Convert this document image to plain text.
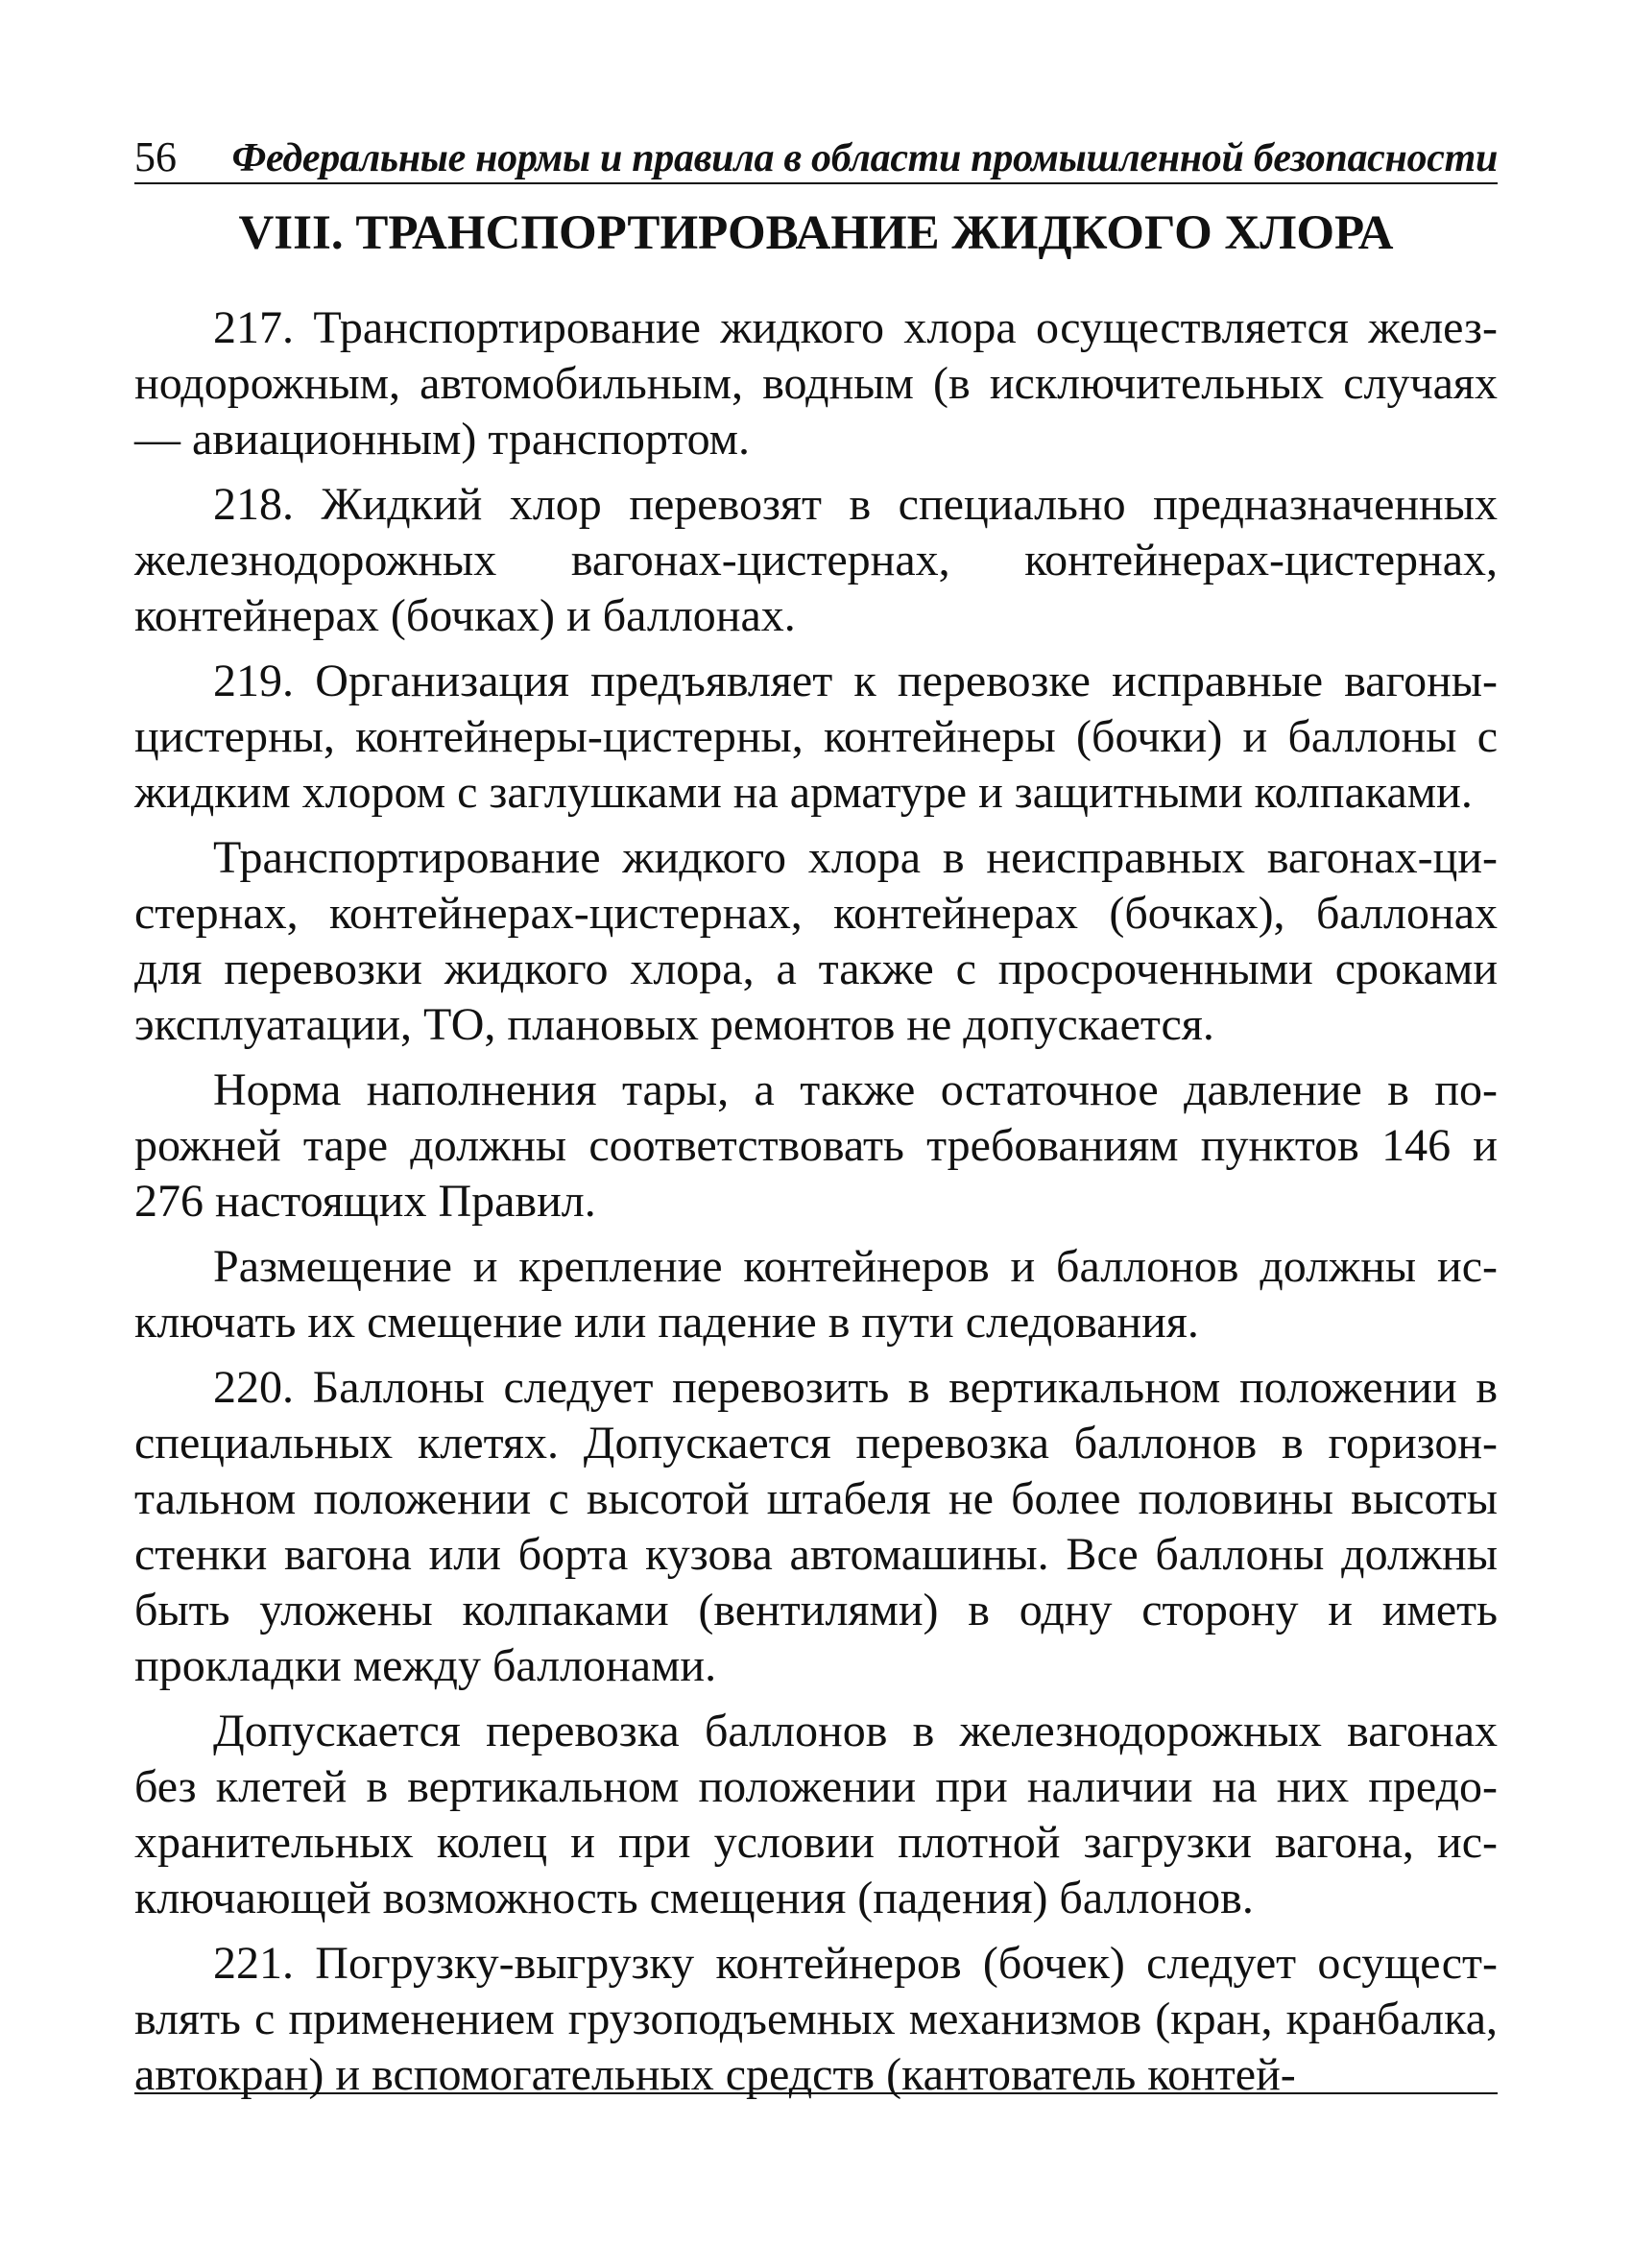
56 Федеральные нормы и правила в области промышленной безопасности
VIII. ТРАНСПОРТИРОВАНИЕ ЖИДКОГО ХЛОРА

217. Транспортирование жидкого хлора осуществляется железнодорожным, автомобильным, водным (в исключительных случаях — авиационным) транспортом.

218. Жидкий хлор перевозят в специально предназначенных железнодорожных вагонах-цистернах, контейнерах-цистернах, контейнерах (бочках) и баллонах.

219. Организация предъявляет к перевозке исправные вагоны-цистерны, контейнеры-цистерны, контейнеры (бочки) и баллоны с жидким хлором с заглушками на арматуре и защитными колпаками.

Транспортирование жидкого хлора в неисправных вагонах-цистернах, контейнерах-цистернах, контейнерах (бочках), баллонах для перевозки жидкого хлора, а также с просроченными сроками эксплуатации, ТО, плановых ремонтов не допускается.

Норма наполнения тары, а также остаточное давление в порожней таре должны соответствовать требованиям пунктов 146 и 276 настоящих Правил.

Размещение и крепление контейнеров и баллонов должны исключать их смещение или падение в пути следования.

220. Баллоны следует перевозить в вертикальном положении в специальных клетях. Допускается перевозка баллонов в горизонтальном положении с высотой штабеля не более половины высоты стенки вагона или борта кузова автомашины. Все баллоны должны быть уложены колпаками (вентилями) в одну сторону и иметь прокладки между баллонами.

Допускается перевозка баллонов в железнодорожных вагонах без клетей в вертикальном положении при наличии на них предохранительных колец и при условии плотной загрузки вагона, исключающей возможность смещения (падения) баллонов.

221. Погрузку-выгрузку контейнеров (бочек) следует осуществлять с применением грузоподъемных механизмов (кран, кранбалка, автокран) и вспомогательных средств (кантователь контей-
